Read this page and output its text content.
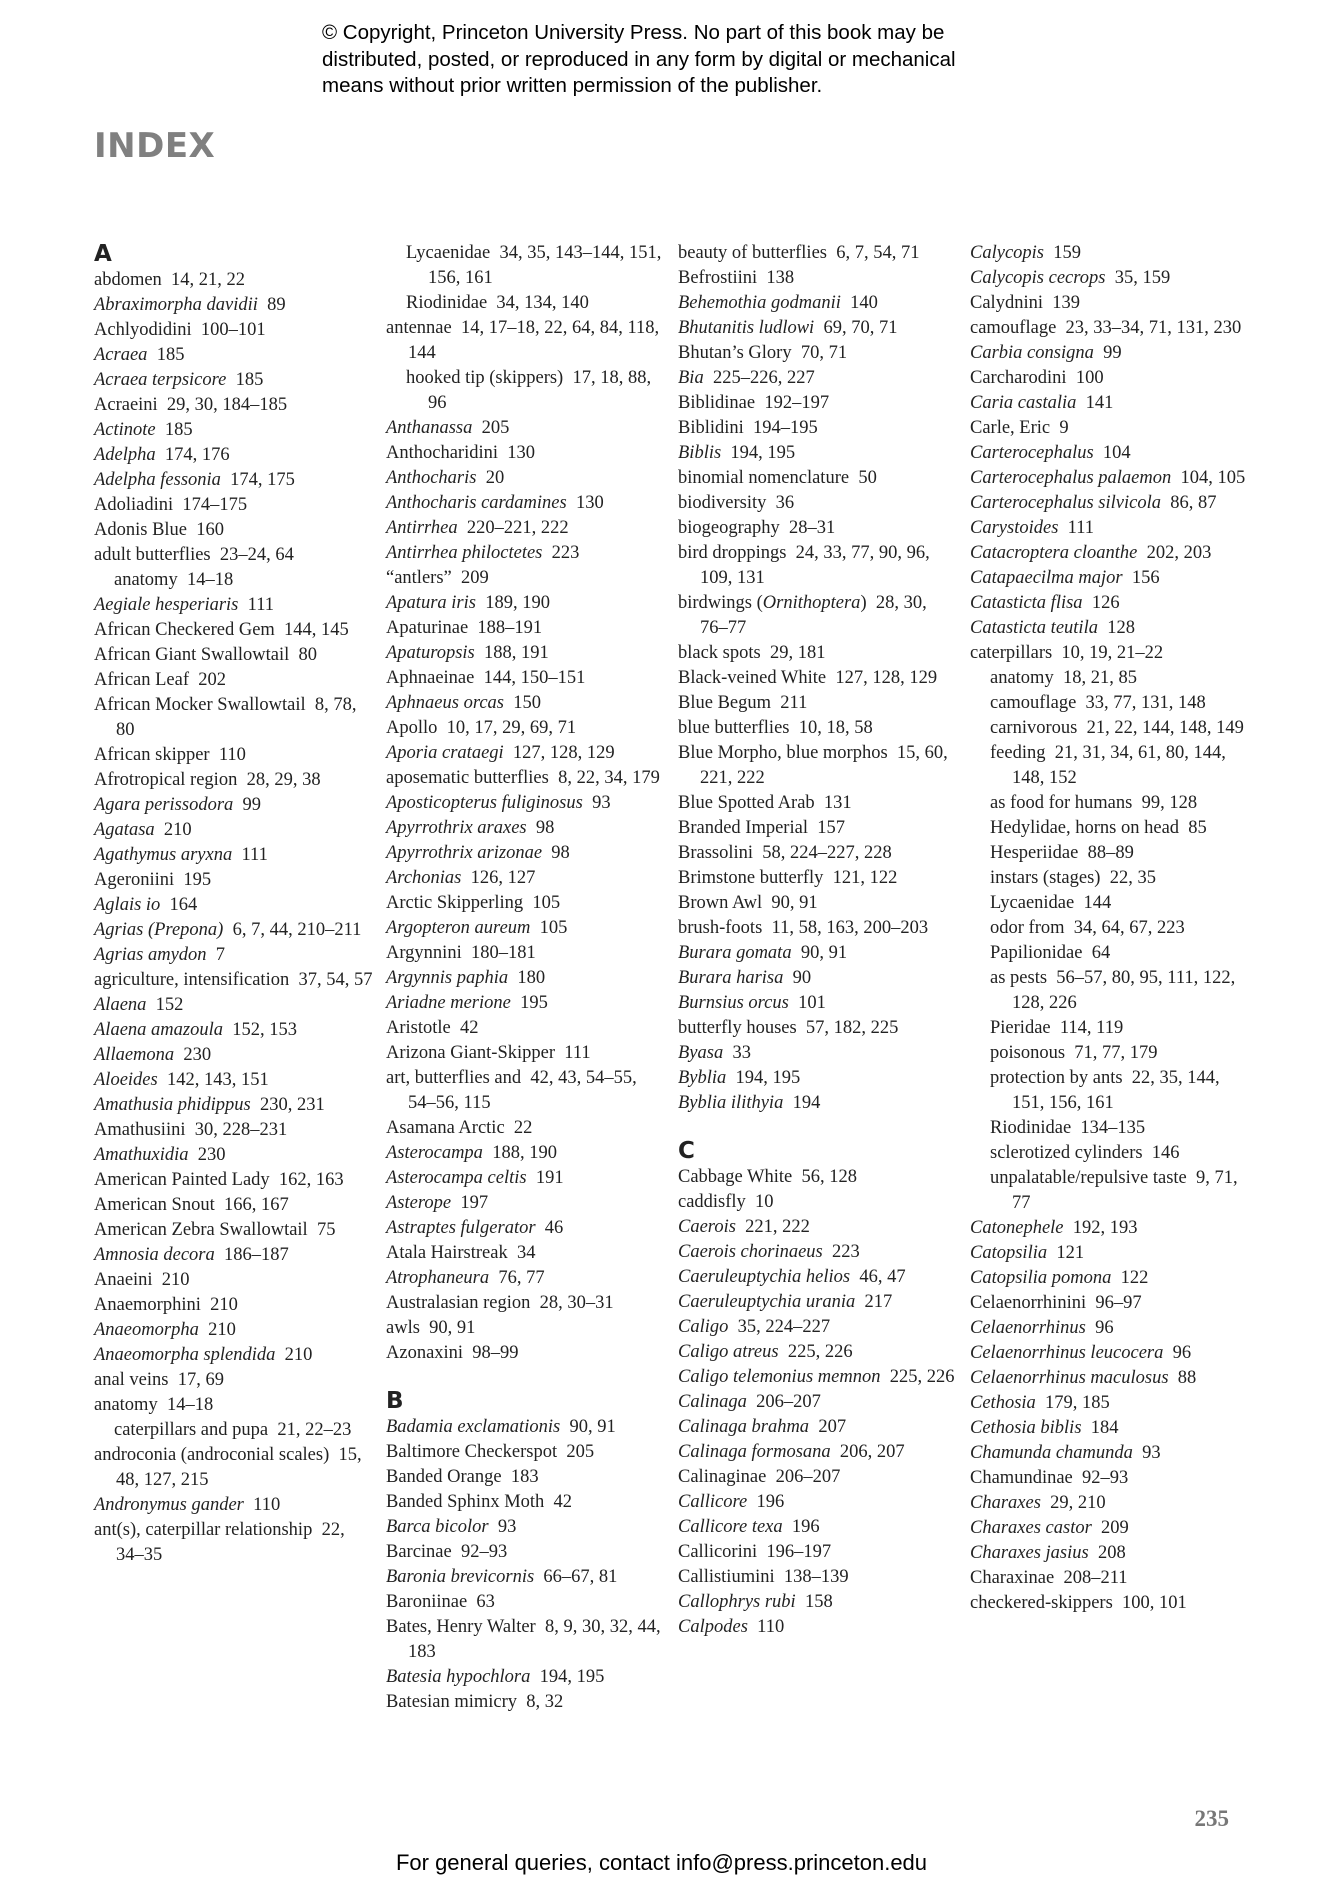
© Copyright, Princeton University Press. No part of this book may be
distributed, posted, or reproduced in any form by digital or mechanical
means without prior written permission of the publisher.
INDEX
A
abdomen  14, 21, 22
Abraximorpha davidii  89
Achlyodidini  100–101
Acraea  185
Acraea terpsicore  185
Acraeini  29, 30, 184–185
Actinote  185
Adelpha  174, 176
Adelpha fessonia  174, 175
Adoliadini  174–175
Adonis Blue  160
adult butterflies  23–24, 64
anatomy  14–18
Aegiale hesperiaris  111
African Checkered Gem  144, 145
African Giant Swallowtail  80
African Leaf  202
African Mocker Swallowtail  8, 78, 80
African skipper  110
Afrotropical region  28, 29, 38
Agara perissodora  99
Agatasa  210
Agathymus aryxna  111
Ageroniini  195
Aglais io  164
Agrias (Prepona)  6, 7, 44, 210–211
Agrias amydon  7
agriculture, intensification  37, 54, 57
Alaena  152
Alaena amazoula  152, 153
Allaemona  230
Aloeides  142, 143, 151
Amathusia phidippus  230, 231
Amathusiini  30, 228–231
Amathuxidia  230
American Painted Lady  162, 163
American Snout  166, 167
American Zebra Swallowtail  75
Amnosia decora  186–187
Anaeini  210
Anaemorphini  210
Anaeomorpha  210
Anaeomorpha splendida  210
anal veins  17, 69
anatomy  14–18
caterpillars and pupa  21, 22–23
androconia (androconial scales)  15, 48, 127, 215
Andronymus gander  110
ant(s), caterpillar relationship  22, 34–35
Lycaenidae  34, 35, 143–144, 151, 156, 161
Riodinidae  34, 134, 140
antennae  14, 17–18, 22, 64, 84, 118, 144
hooked tip (skippers)  17, 18, 88, 96
Anthanassa  205
Anthocharidini  130
Anthocharis  20
Anthocharis cardamines  130
Antirrhea  220–221, 222
Antirrhea philoctetes  223
“antlers”  209
Apatura iris  189, 190
Apaturinae  188–191
Apaturopsis  188, 191
Aphnaeinae  144, 150–151
Aphnaeus orcas  150
Apollo  10, 17, 29, 69, 71
Aporia crataegi  127, 128, 129
aposematic butterflies  8, 22, 34, 179
Aposticopterus fuliginosus  93
Apyrrothrix araxes  98
Apyrrothrix arizonae  98
Archonias  126, 127
Arctic Skipperling  105
Argopteron aureum  105
Argynnini  180–181
Argynnis paphia  180
Ariadne merione  195
Aristotle  42
Arizona Giant-Skipper  111
art, butterflies and  42, 43, 54–55, 54–56, 115
Asamana Arctic  22
Asterocampa  188, 190
Asterocampa celtis  191
Asterope  197
Astraptes fulgerator  46
Atala Hairstreak  34
Atrophaneura  76, 77
Australasian region  28, 30–31
awls  90, 91
Azonaxini  98–99
B
Badamia exclamationis  90, 91
Baltimore Checkerspot  205
Banded Orange  183
Banded Sphinx Moth  42
Barca bicolor  93
Barcinae  92–93
Baronia brevicornis  66–67, 81
Baroniinae  63
Bates, Henry Walter  8, 9, 30, 32, 44, 183
Batesia hypochlora  194, 195
Batesian mimicry  8, 32
beauty of butterflies  6, 7, 54, 71
Befrostiini  138
Behemothia godmanii  140
Bhutanitis ludlowi  69, 70, 71
Bhutan’s Glory  70, 71
Bia  225–226, 227
Biblidinae  192–197
Biblidini  194–195
Biblis  194, 195
binomial nomenclature  50
biodiversity  36
biogeography  28–31
bird droppings  24, 33, 77, 90, 96, 109, 131
birdwings (Ornithoptera)  28, 30, 76–77
black spots  29, 181
Black-veined White  127, 128, 129
Blue Begum  211
blue butterflies  10, 18, 58
Blue Morpho, blue morphos  15, 60, 221, 222
Blue Spotted Arab  131
Branded Imperial  157
Brassolini  58, 224–227, 228
Brimstone butterfly  121, 122
Brown Awl  90, 91
brush-foots  11, 58, 163, 200–203
Burara gomata  90, 91
Burara harisa  90
Burnsius orcus  101
butterfly houses  57, 182, 225
Byasa  33
Byblia  194, 195
Byblia ilithyia  194
C
Cabbage White  56, 128
caddisfly  10
Caerois  221, 222
Caerois chorinaeus  223
Caeruleuptychia helios  46, 47
Caeruleuptychia urania  217
Caligo  35, 224–227
Caligo atreus  225, 226
Caligo telemonius memnon  225, 226
Calinaga  206–207
Calinaga brahma  207
Calinaga formosana  206, 207
Calinaginae  206–207
Callicore  196
Callicore texa  196
Callicorini  196–197
Callistiumini  138–139
Callophrys rubi  158
Calpodes  110
Calycopis  159
Calycopis cecrops  35, 159
Calydnini  139
camouflage  23, 33–34, 71, 131, 230
Carbia consigna  99
Carcharodini  100
Caria castalia  141
Carle, Eric  9
Carterocephalus  104
Carterocephalus palaemon  104, 105
Carterocephalus silvicola  86, 87
Carystoides  111
Catacroptera cloanthe  202, 203
Catapaecilma major  156
Catasticta flisa  126
Catasticta teutila  128
caterpillars  10, 19, 21–22
anatomy  18, 21, 85
camouflage  33, 77, 131, 148
carnivorous  21, 22, 144, 148, 149
feeding  21, 31, 34, 61, 80, 144, 148, 152
as food for humans  99, 128
Hedylidae, horns on head  85
Hesperiidae  88–89
instars (stages)  22, 35
Lycaenidae  144
odor from  34, 64, 67, 223
Papilionidae  64
as pests  56–57, 80, 95, 111, 122, 128, 226
Pieridae  114, 119
poisonous  71, 77, 179
protection by ants  22, 35, 144, 151, 156, 161
Riodinidae  134–135
sclerotized cylinders  146
unpalatable/repulsive taste  9, 71, 77
Catonephele  192, 193
Catopsilia  121
Catopsilia pomona  122
Celaenorrhinini  96–97
Celaenorrhinus  96
Celaenorrhinus leucocera  96
Celaenorrhinus maculosus  88
Cethosia  179, 185
Cethosia biblis  184
Chamunda chamunda  93
Chamundinae  92–93
Charaxes  29, 210
Charaxes castor  209
Charaxes jasius  208
Charaxinae  208–211
checkered-skippers  100, 101
235
For general queries, contact info@press.princeton.edu
